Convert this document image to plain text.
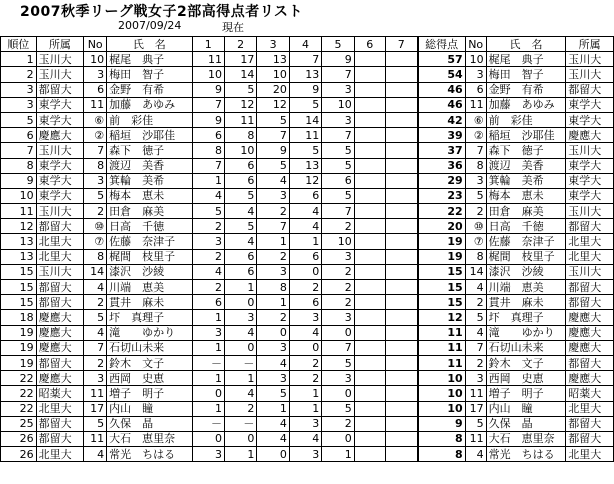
2007秋季リーグ戦女子2部高得点者リスト
2007/09/24	現在
順位	所属	No	氏　名	1	2	3	4	5	6	7	総得点	No	氏　名	所属
1	玉川大	10	梶尾　典子	11	17	13	7	9			57	10	梶尾　典子	玉川大
2	玉川大	3	梅田　智子	10	14	10	13	7			54	3	梅田　智子	玉川大
3	都留大	6	金野　有希	9	5	20	9	3			46	6	金野　有希	都留大
3	東学大	11	加藤　あゆみ	7	12	12	5	10			46	11	加藤　あゆみ	東学大
5	東学大	⑥	前　彩佳	9	11	5	14	3			42	⑥	前　彩佳	東学大
6	慶應大	②	稲垣　沙耶佳	6	8	7	11	7			39	②	稲垣　沙耶佳	慶應大
7	玉川大	7	森下　徳子	8	10	9	5	5			37	7	森下　徳子	玉川大
8	東学大	8	渡辺　美香	7	6	5	13	5			36	8	渡辺　美香	東学大
9	東学大	3	箕輪　美希	1	6	4	12	6			29	3	箕輪　美希	東学大
10	東学大	5	梅本　恵未	4	5	3	6	5			23	5	梅本　恵未	東学大
11	玉川大	2	田倉　麻美	5	4	2	4	7			22	2	田倉　麻美	玉川大
12	都留大	⑩	日高　千徳	2	5	7	4	2			20	⑩	日高　千徳	都留大
13	北里大	⑦	佐藤　奈津子	3	4	1	1	10			19	⑦	佐藤　奈津子	北里大
13	北里大	8	梶間　枝里子	2	6	2	6	3			19	8	梶間　枝里子	北里大
15	玉川大	14	漆沢　沙綾	4	6	3	0	2			15	14	漆沢　沙綾	玉川大
15	都留大	4	川端　恵美	2	1	8	2	2			15	4	川端　恵美	都留大
15	都留大	2	貫井　麻未	6	0	1	6	2			15	2	貫井　麻未	都留大
18	慶應大	5	圷　真理子	1	3	2	3	3			12	5	圷　真理子	慶應大
19	慶應大	4	滝　　ゆかり	3	4	0	4	0			11	4	滝　　ゆかり	慶應大
19	慶應大	7	石切山未来	1	0	3	0	7			11	7	石切山未来	慶應大
19	都留大	2	鈴木　文子	－	－	4	2	5			11	2	鈴木　文子	都留大
22	慶應大	3	西岡　史恵	1	1	3	2	3			10	3	西岡　史恵	慶應大
22	昭薬大	11	増子　明子	0	4	5	1	0			10	11	増子　明子	昭薬大
22	北里大	17	内山　瞳	1	2	1	1	5			10	17	内山　瞳	北里大
25	都留大	5	久保　晶	－	－	4	3	2			9	5	久保　晶	都留大
26	都留大	11	大石　恵里奈	0	0	4	4	0			8	11	大石　恵里奈	都留大
26	北里大	4	常光　ちはる	3	1	0	3	1			8	4	常光　ちはる	北里大
